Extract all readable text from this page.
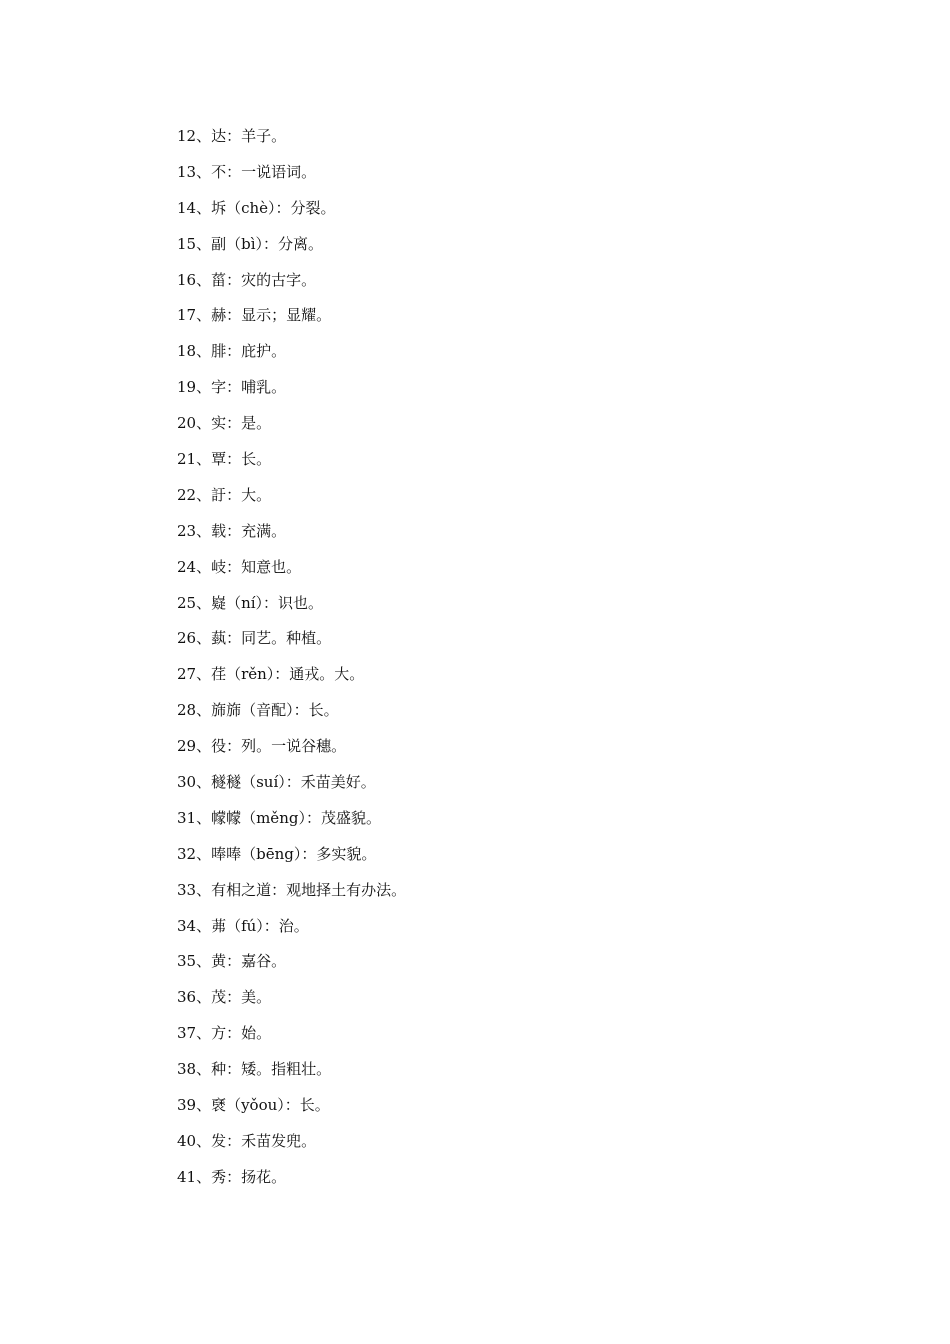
12、达：羊子。
13、不：一说语词。
14、坼（chè）：分裂。
15、副（bì）：分离。
16、菑：灾的古字。
17、赫：显示；显耀。
18、腓：庇护。
19、字：哺乳。
20、实：是。
21、覃：长。
22、訏：大。
23、载：充满。
24、岐：知意也。
25、嶷（ní）：识也。
26、蓺：同艺。种植。
27、荏（rěn）：通戎。大。
28、旆旆（音配）：长。
29、役：列。一说谷穗。
30、穟穟（suí）：禾苗美好。
31、幪幪（měng）：茂盛貌。
32、唪唪（bēng）：多实貌。
33、有相之道：观地择土有办法。
34、茀（fú）：治。
35、黄：嘉谷。
36、茂：美。
37、方：始。
38、种：矮。指粗壮。
39、褎（yǒou）：长。
40、发：禾苗发兜。
41、秀：扬花。
